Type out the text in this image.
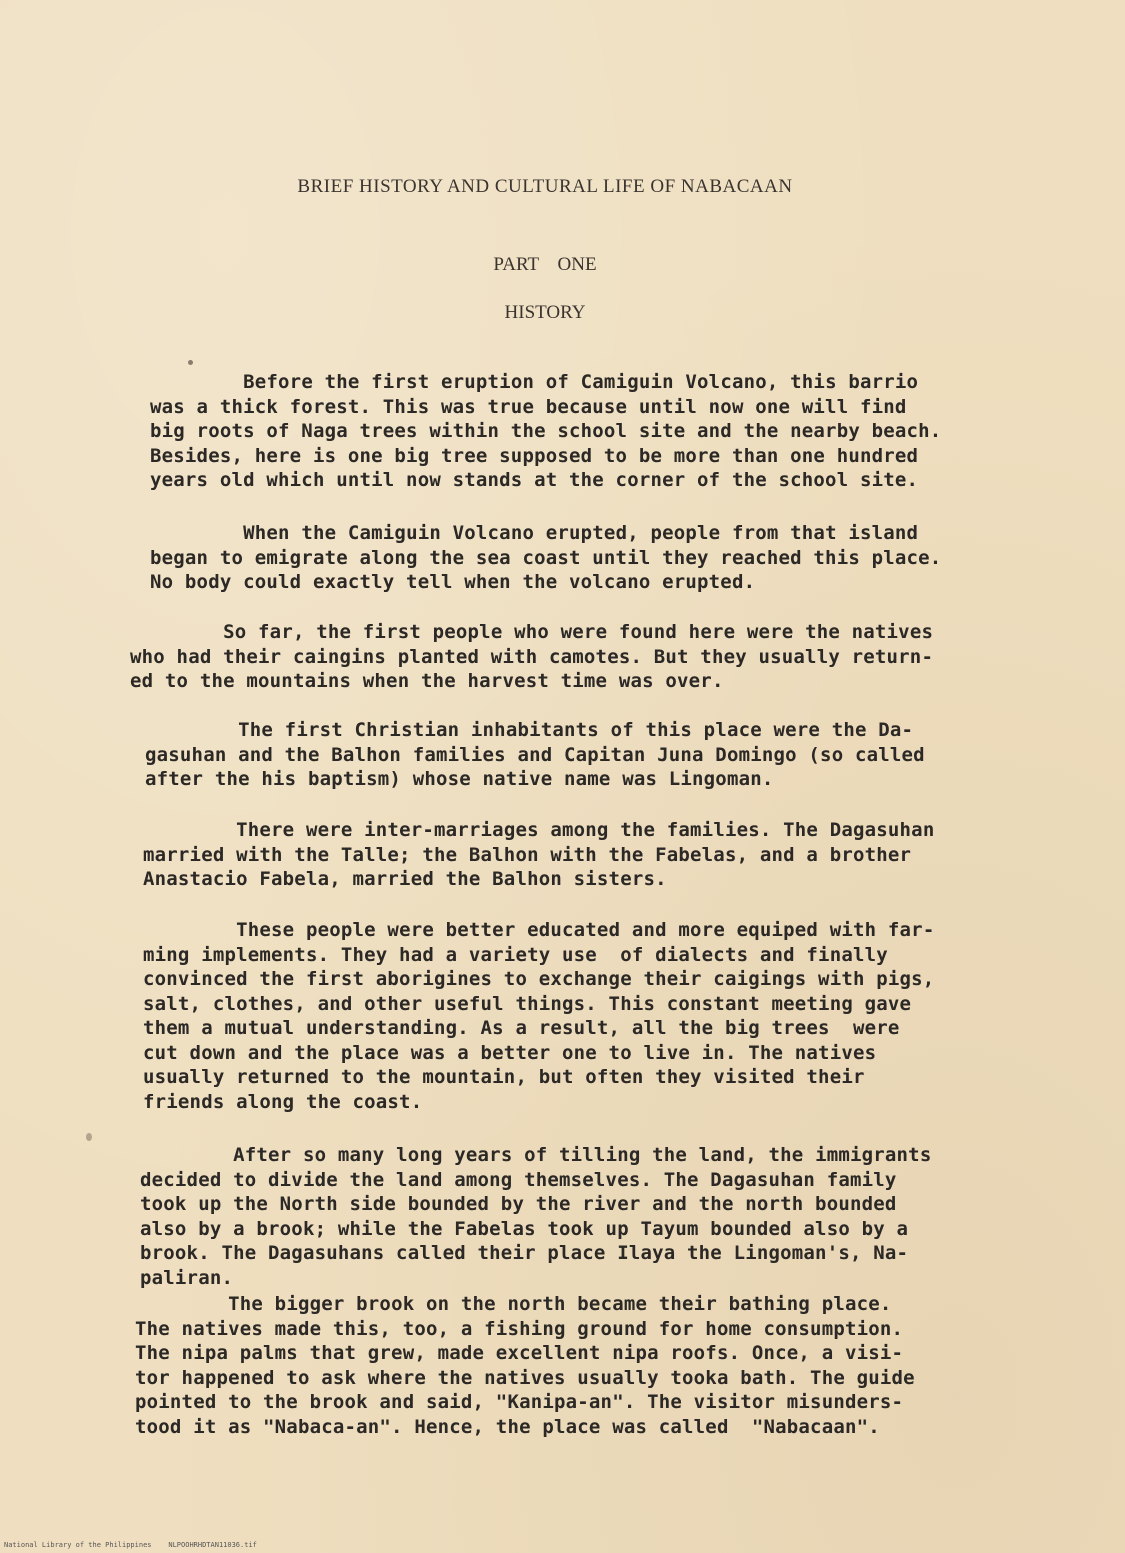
BRIEF HISTORY AND CULTURAL LIFE OF NABACAAN
PART ONE
HISTORY
Before the first eruption of Camiguin Volcano, this barrio
was a thick forest. This was true because until now one will find
big roots of Naga trees within the school site and the nearby beach.
Besides, here is one big tree supposed to be more than one hundred
years old which until now stands at the corner of the school site.
When the Camiguin Volcano erupted, people from that island
began to emigrate along the sea coast until they reached this place.
No body could exactly tell when the volcano erupted.
So far, the first people who were found here were the natives
who had their caingins planted with camotes. But they usually return-
ed to the mountains when the harvest time was over.
The first Christian inhabitants of this place were the Da-
gasuhan and the Balhon families and Capitan Juna Domingo (so called
after the his baptism) whose native name was Lingoman.
There were inter-marriages among the families. The Dagasuhan
married with the Talle; the Balhon with the Fabelas, and a brother
Anastacio Fabela, married the Balhon sisters.
These people were better educated and more equiped with far-
ming implements. They had a variety use  of dialects and finally
convinced the first aborigines to exchange their caigings with pigs,
salt, clothes, and other useful things. This constant meeting gave
them a mutual understanding. As a result, all the big trees  were
cut down and the place was a better one to live in. The natives
usually returned to the mountain, but often they visited their
friends along the coast.
After so many long years of tilling the land, the immigrants
decided to divide the land among themselves. The Dagasuhan family
took up the North side bounded by the river and the north bounded
also by a brook; while the Fabelas took up Tayum bounded also by a
brook. The Dagasuhans called their place Ilaya the Lingoman's, Na-
paliran.
The bigger brook on the north became their bathing place.
The natives made this, too, a fishing ground for home consumption.
The nipa palms that grew, made excellent nipa roofs. Once, a visi-
tor happened to ask where the natives usually tooka bath. The guide
pointed to the brook and said, "Kanipa-an". The visitor misunders-
tood it as "Nabaca-an". Hence, the place was called  "Nabacaan".
National Library of the Philippines NLPOOHRHDTAN11036.tif
